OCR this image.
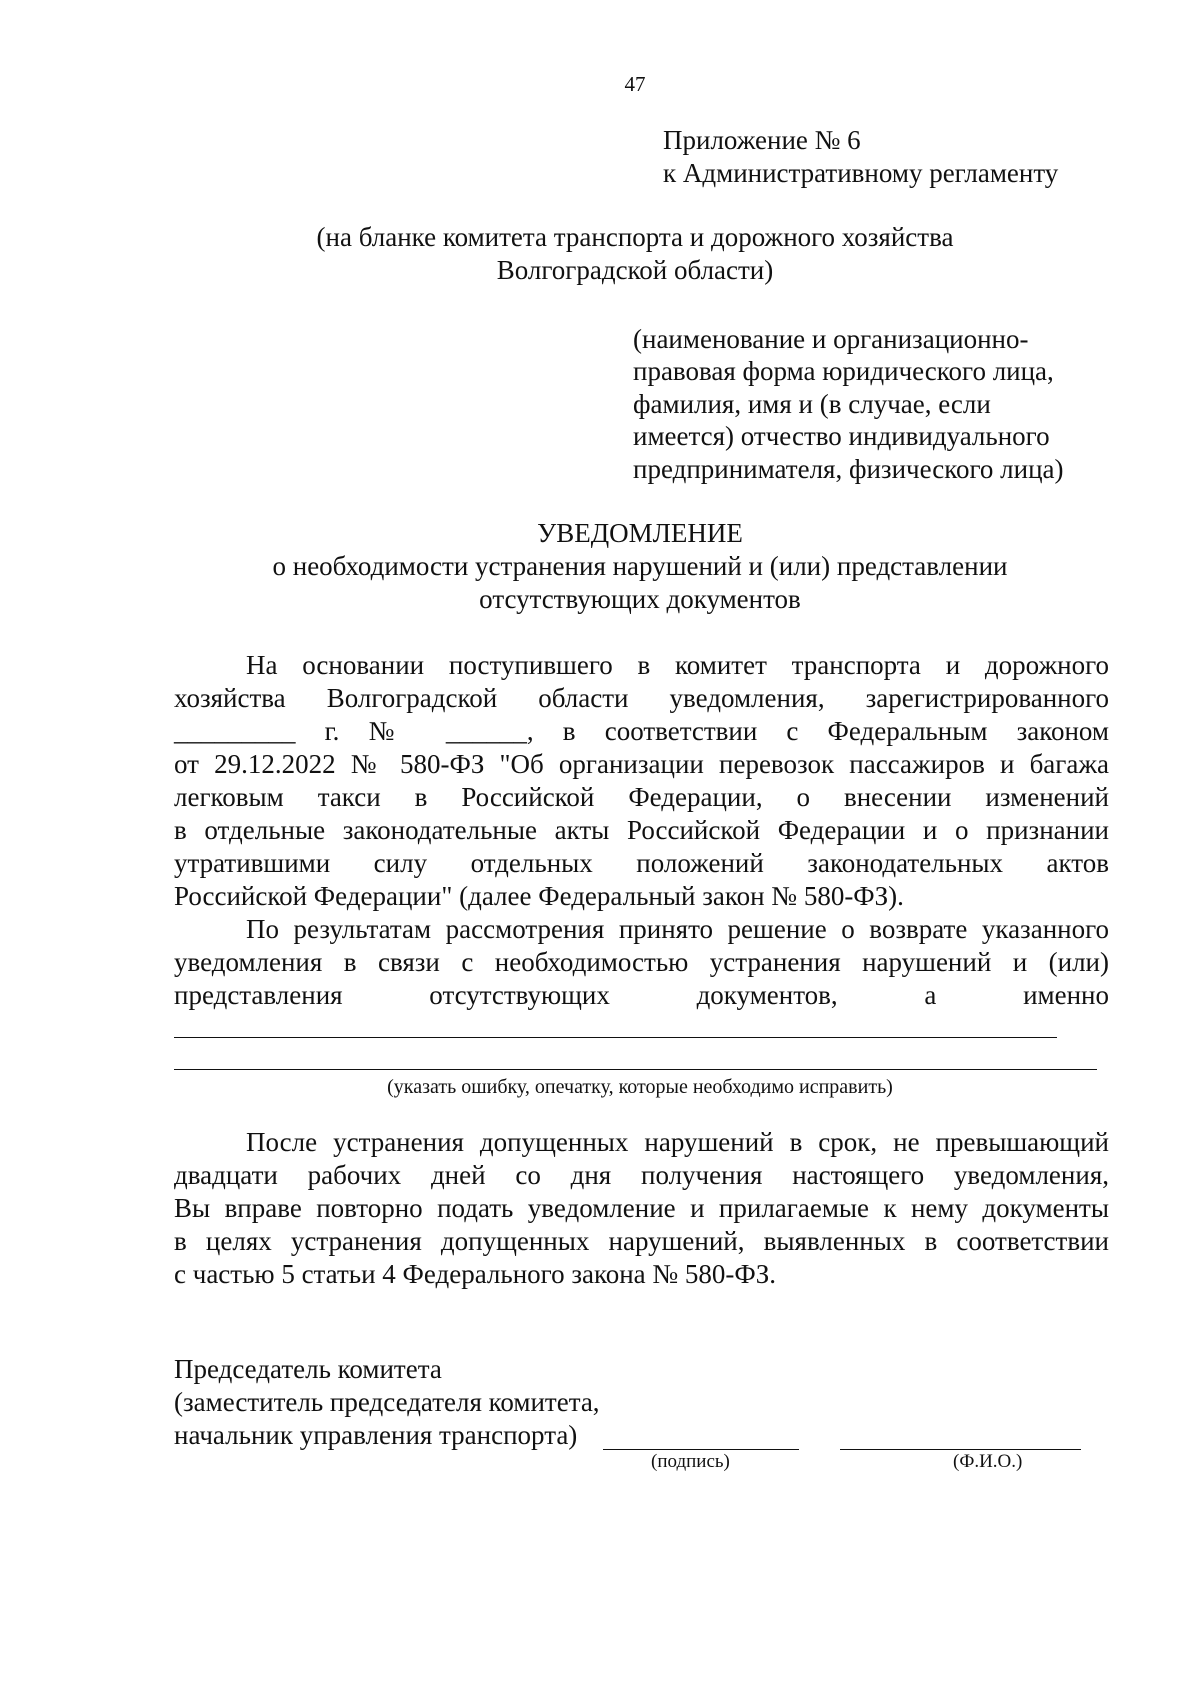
47
Приложение № 6
к Административному регламенту
(на бланке комитета транспорта и дорожного хозяйства
Волгоградской области)
(наименование и организационно-
правовая форма юридического лица,
фамилия, имя и (в случае, если
имеется) отчество индивидуального
предпринимателя, физического лица)
УВЕДОМЛЕНИЕ
о необходимости устранения нарушений и (или) представлении
отсутствующих документов
На основании поступившего в комитет транспорта и дорожного
хозяйства Волгоградской области уведомления, зарегистрированного
_________ г. № ______, в соответствии с Федеральным законом
от 29.12.2022 № 580-ФЗ "Об организации перевозок пассажиров и багажа
легковым такси в Российской Федерации, о внесении изменений
в отдельные законодательные акты Российской Федерации и о признании
утратившими силу отдельных положений законодательных актов
Российской Федерации" (далее Федеральный закон № 580-ФЗ).
По результатам рассмотрения принято решение о возврате указанного
уведомления в связи с необходимостью устранения нарушений и (или)
представления отсутствующих документов, а именно
(указать ошибку, опечатку, которые необходимо исправить)
После устранения допущенных нарушений в срок, не превышающий
двадцати рабочих дней со дня получения настоящего уведомления,
Вы вправе повторно подать уведомление и прилагаемые к нему документы
в целях устранения допущенных нарушений, выявленных в соответствии
с частью 5 статьи 4 Федерального закона № 580-ФЗ.
Председатель комитета
(заместитель председателя комитета,
начальник управления транспорта)
(подпись)	(Ф.И.О.)
